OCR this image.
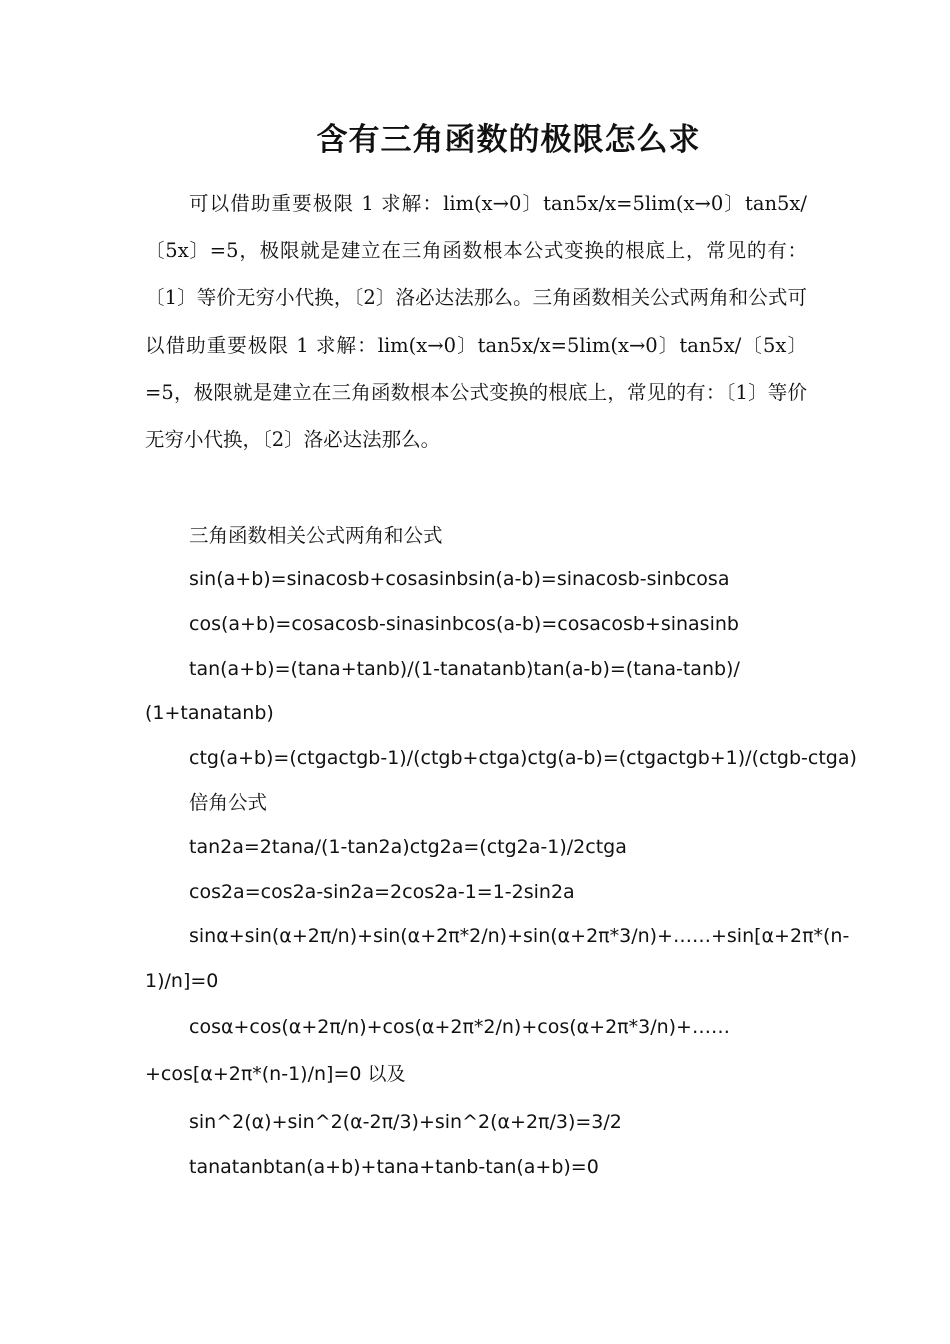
含有三角函数的极限怎么求

可以借助重要极限 1 求解：lim(x→0〕tan5x/x=5lim(x→0〕tan5x/〔5x〕=5，极限就是建立在三角函数根本公式变换的根底上，常见的有：〔1〕等价无穷小代换，〔2〕洛必达法那么。三角函数相关公式两角和公式可以借助重要极限 1 求解：lim(x→0〕tan5x/x=5lim(x→0〕tan5x/〔5x〕=5，极限就是建立在三角函数根本公式变换的根底上，常见的有：〔1〕等价无穷小代换，〔2〕洛必达法那么。

三角函数相关公式两角和公式

sin(a+b)=sinacosb+cosasinbsin(a-b)=sinacosb-sinbcosa

cos(a+b)=cosacosb-sinasinbcos(a-b)=cosacosb+sinasinb

tan(a+b)=(tana+tanb)/(1-tanatanb)tan(a-b)=(tana-tanb)/

(1+tanatanb)

ctg(a+b)=(ctgactgb-1)/(ctgb+ctga)ctg(a-b)=(ctgactgb+1)/(ctgb-ctga)

倍角公式

tan2a=2tana/(1-tan2a)ctg2a=(ctg2a-1)/2ctga

cos2a=cos2a-sin2a=2cos2a-1=1-2sin2a

sinα+sin(α+2π/n)+sin(α+2π*2/n)+sin(α+2π*3/n)+……+sin[α+2π*(n-

1)/n]=0

cosα+cos(α+2π/n)+cos(α+2π*2/n)+cos(α+2π*3/n)+……

+cos[α+2π*(n-1)/n]=0 以及

sin^2(α)+sin^2(α-2π/3)+sin^2(α+2π/3)=3/2

tanatanbtan(a+b)+tana+tanb-tan(a+b)=0
